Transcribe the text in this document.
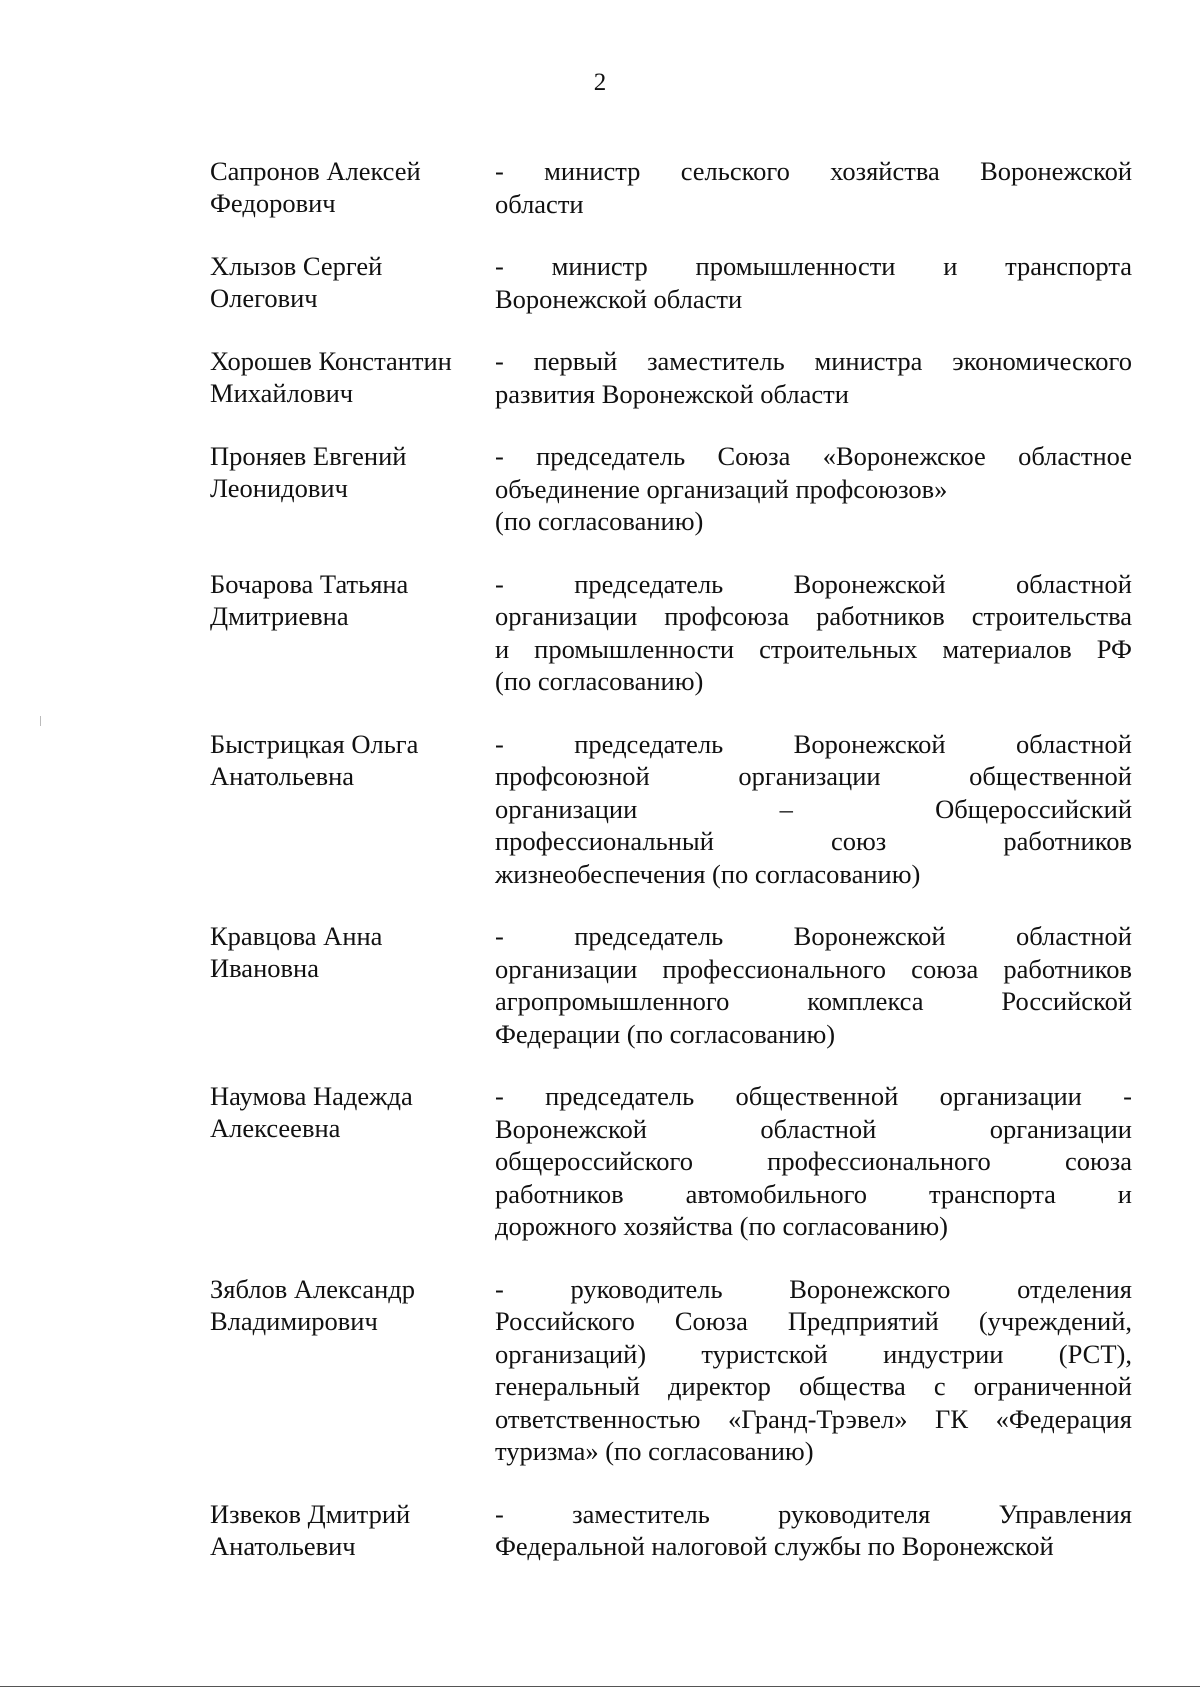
2
Сапронов Алексей
Федорович
- министр сельского хозяйства Воронежской
области
Хлызов Сергей
Олегович
- министр промышленности и транспорта
Воронежской области
Хорошев Константин
Михайлович
- первый заместитель министра экономического
развития Воронежской области
Проняев Евгений
Леонидович
- председатель Союза «Воронежское областное
объединение организаций профсоюзов»
(по согласованию)
Бочарова Татьяна
Дмитриевна
- председатель Воронежской областной
организации профсоюза работников строительства
и промышленности строительных материалов РФ
(по согласованию)
Быстрицкая Ольга
Анатольевна
- председатель Воронежской областной
профсоюзной организации общественной
организации – Общероссийский
профессиональный союз работников
жизнеобеспечения (по согласованию)
Кравцова Анна
Ивановна
- председатель Воронежской областной
организации профессионального союза работников
агропромышленного комплекса Российской
Федерации (по согласованию)
Наумова Надежда
Алексеевна
- председатель общественной организации -
Воронежской областной организации
общероссийского профессионального союза
работников автомобильного транспорта и
дорожного хозяйства (по согласованию)
Зяблов Александр
Владимирович
- руководитель Воронежского отделения
Российского Союза Предприятий (учреждений,
организаций) туристской индустрии (РСТ),
генеральный директор общества с ограниченной
ответственностью «Гранд-Трэвел» ГК «Федерация
туризма» (по согласованию)
Извеков Дмитрий
Анатольевич
- заместитель руководителя Управления
Федеральной налоговой службы по Воронежской
